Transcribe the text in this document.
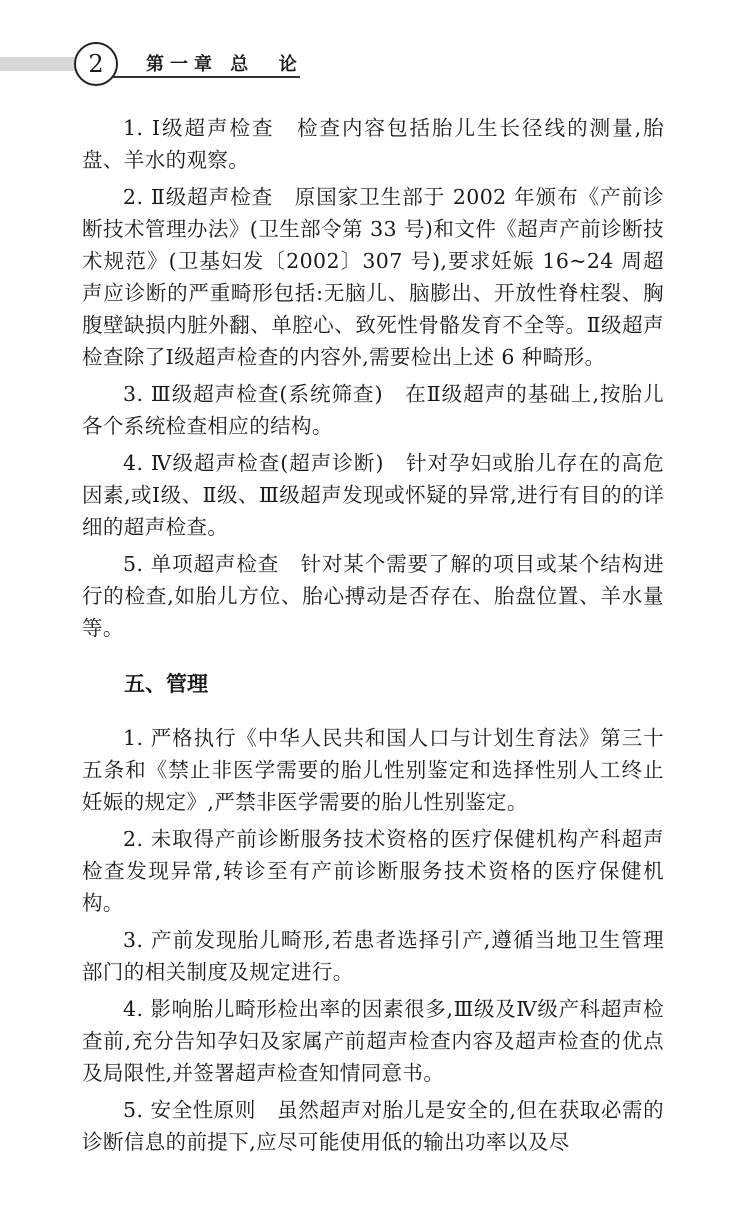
2	第一章 总  论

1. Ⅰ级超声检查　检查内容包括胎儿生长径线的测量,胎盘、羊水的观察。

2. Ⅱ级超声检查　原国家卫生部于 2002 年颁布《产前诊断技术管理办法》(卫生部令第 33 号)和文件《超声产前诊断技术规范》(卫基妇发〔2002〕307 号),要求妊娠 16~24 周超声应诊断的严重畸形包括:无脑儿、脑膨出、开放性脊柱裂、胸腹壁缺损内脏外翻、单腔心、致死性骨骼发育不全等。Ⅱ级超声检查除了Ⅰ级超声检查的内容外,需要检出上述 6 种畸形。

3. Ⅲ级超声检查(系统筛查)　在Ⅱ级超声的基础上,按胎儿各个系统检查相应的结构。

4. Ⅳ级超声检查(超声诊断)　针对孕妇或胎儿存在的高危因素,或Ⅰ级、Ⅱ级、Ⅲ级超声发现或怀疑的异常,进行有目的的详细的超声检查。

5. 单项超声检查　针对某个需要了解的项目或某个结构进行的检查,如胎儿方位、胎心搏动是否存在、胎盘位置、羊水量等。

五、管理

1. 严格执行《中华人民共和国人口与计划生育法》第三十五条和《禁止非医学需要的胎儿性别鉴定和选择性别人工终止妊娠的规定》,严禁非医学需要的胎儿性别鉴定。

2. 未取得产前诊断服务技术资格的医疗保健机构产科超声检查发现异常,转诊至有产前诊断服务技术资格的医疗保健机构。

3. 产前发现胎儿畸形,若患者选择引产,遵循当地卫生管理部门的相关制度及规定进行。

4. 影响胎儿畸形检出率的因素很多,Ⅲ级及Ⅳ级产科超声检查前,充分告知孕妇及家属产前超声检查内容及超声检查的优点及局限性,并签署超声检查知情同意书。

5. 安全性原则　虽然超声对胎儿是安全的,但在获取必需的诊断信息的前提下,应尽可能使用低的输出功率以及尽
